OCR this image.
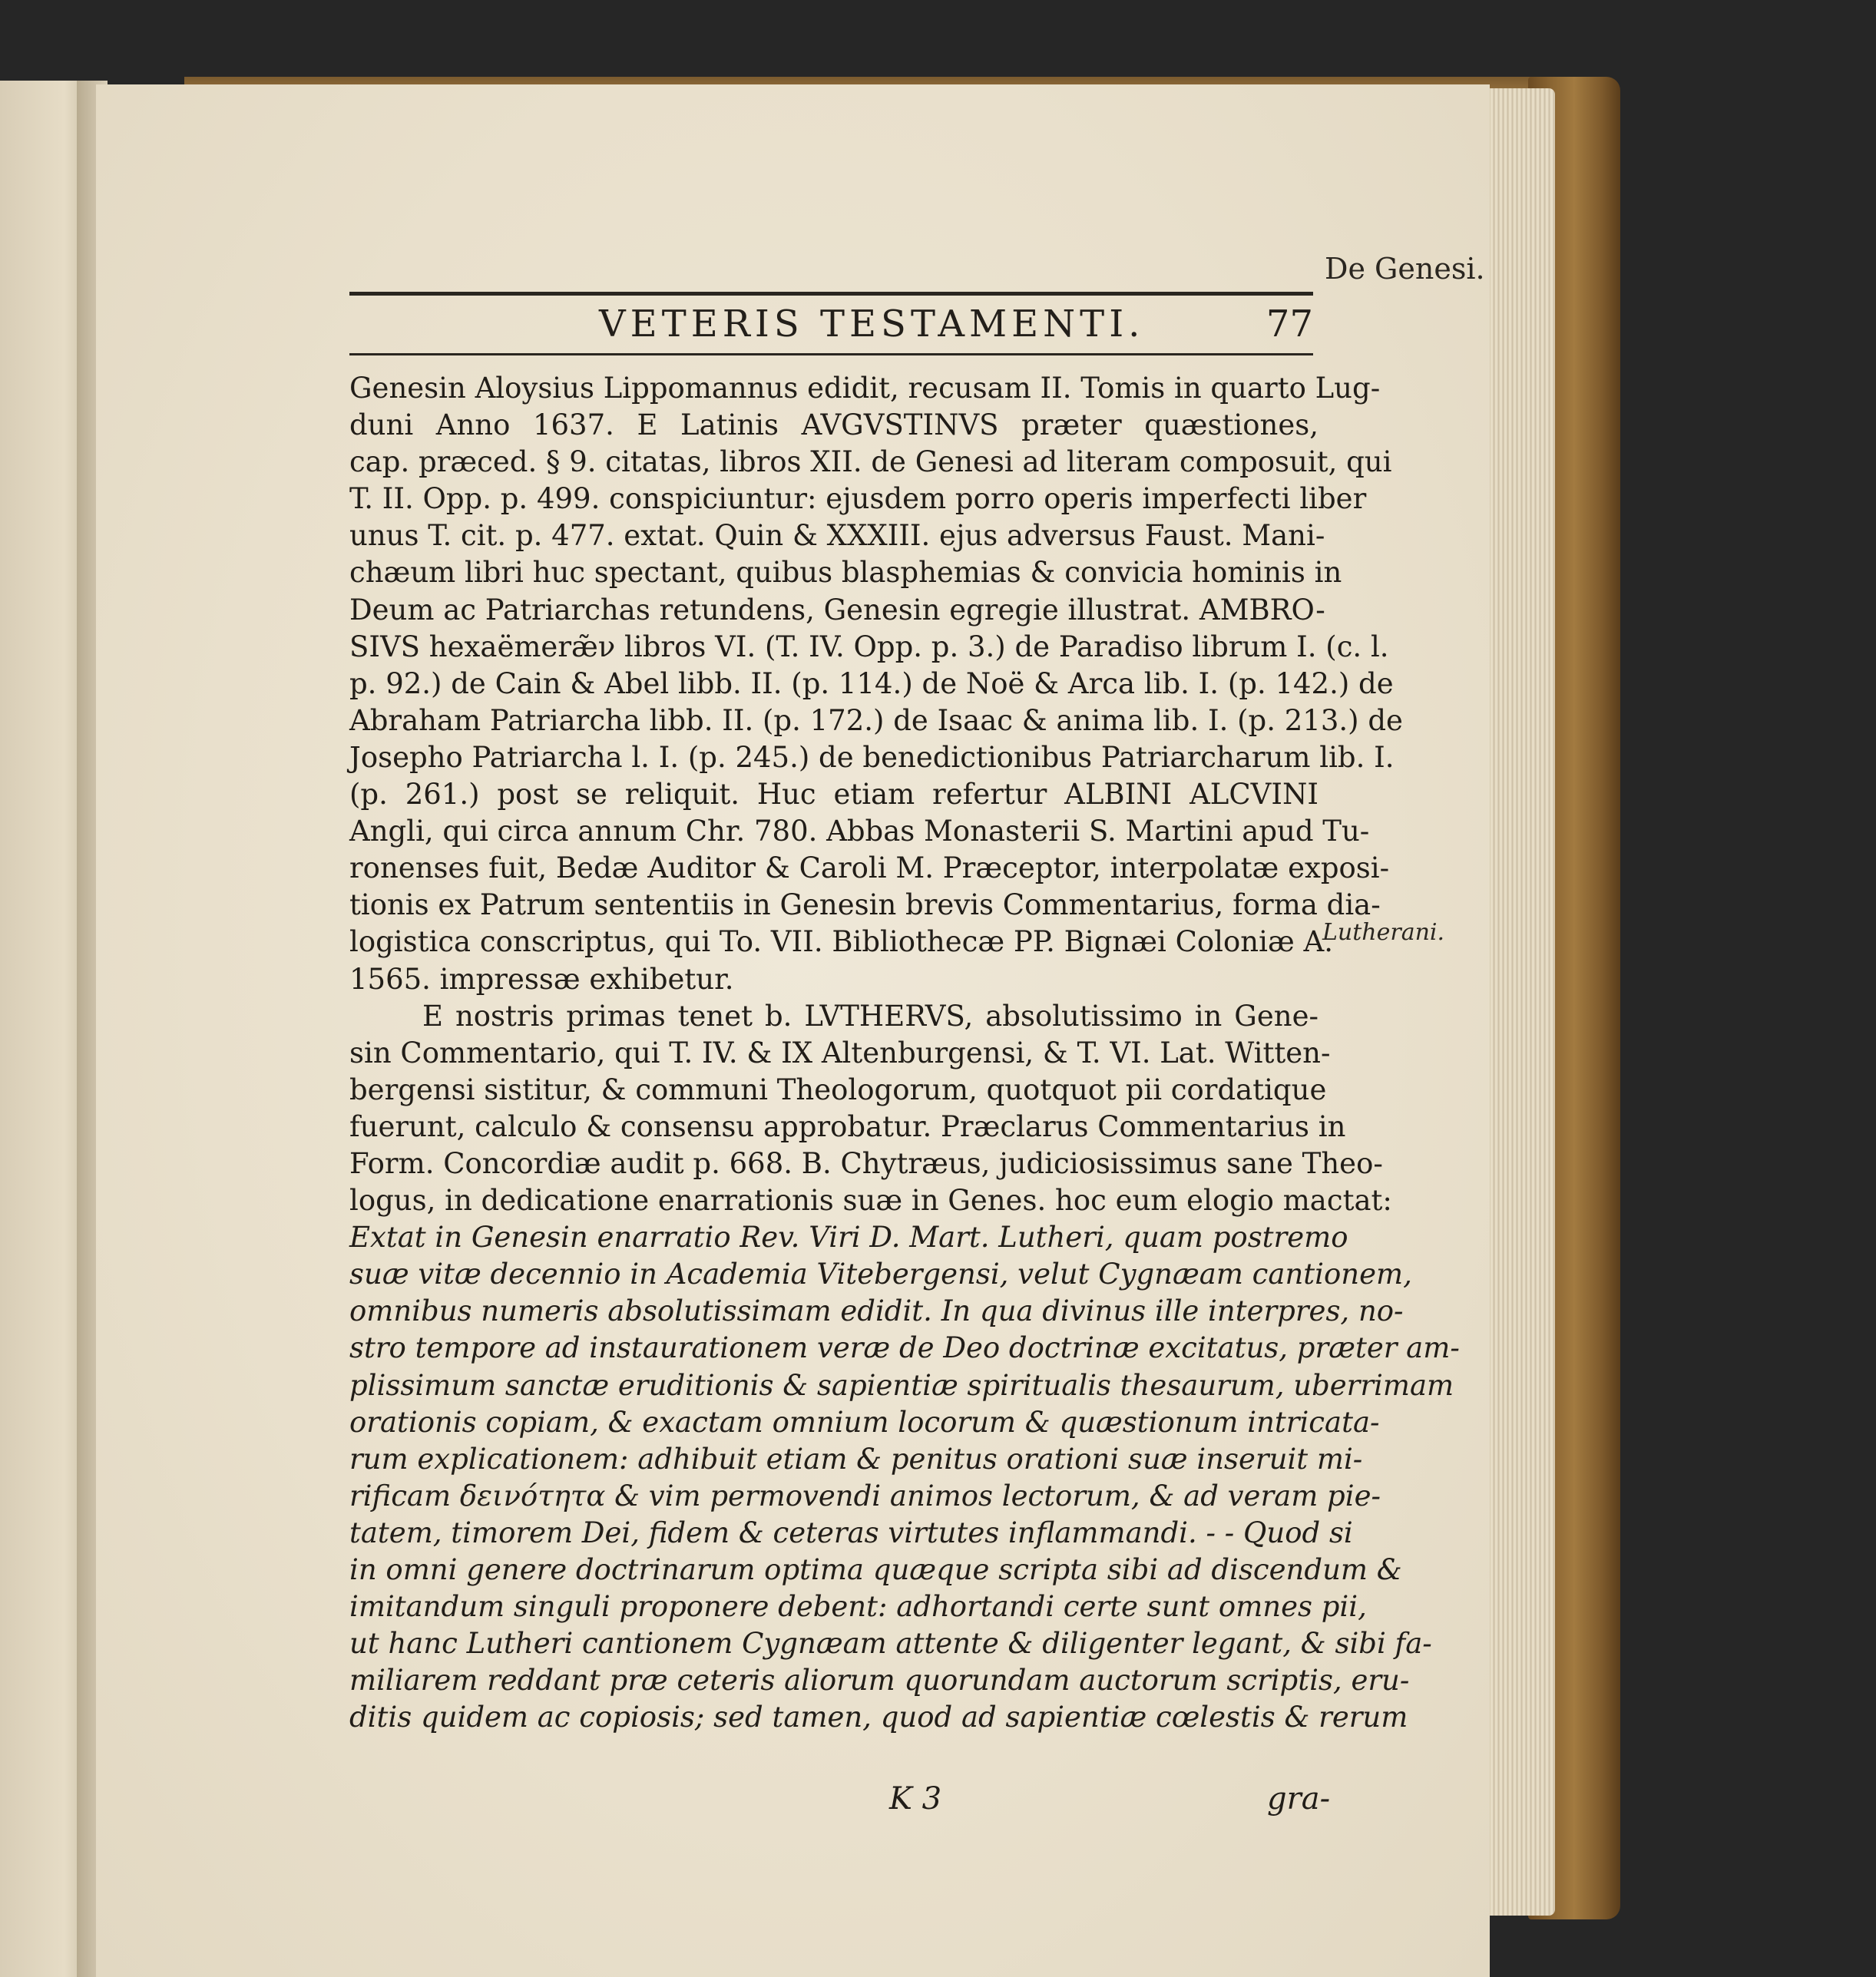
VETERIS TESTAMENTI.	77
De Genesi.
Lutherani.
Genesin Aloysius Lippomannus edidit, recusam II. Tomis in quarto Lug-
duni Anno 1637. E Latinis AVGVSTINVS præter quæstiones,
cap. præced. § 9. citatas, libros XII. de Genesi ad literam composuit, qui
T. II. Opp. p. 499. conspiciuntur: ejusdem porro operis imperfecti liber
unus T. cit. p. 477. extat. Quin & XXXIII. ejus adversus Faust. Mani-
chæum libri huc spectant, quibus blasphemias & convicia hominis in
Deum ac Patriarchas retundens, Genesin egregie illustrat. AMBRO-
SIVS hexaëmeræ̃ν libros VI. (T. IV. Opp. p. 3.) de Paradiso librum I. (c. l.
p. 92.) de Cain & Abel libb. II. (p. 114.) de Noë & Arca lib. I. (p. 142.) de
Abraham Patriarcha libb. II. (p. 172.) de Isaac & anima lib. I. (p. 213.) de
Josepho Patriarcha l. I. (p. 245.) de benedictionibus Patriarcharum lib. I.
(p. 261.) post se reliquit. Huc etiam refertur ALBINI ALCVINI
Angli, qui circa annum Chr. 780. Abbas Monasterii S. Martini apud Tu-
ronenses fuit, Bedæ Auditor & Caroli M. Præceptor, interpolatæ exposi-
tionis ex Patrum sententiis in Genesin brevis Commentarius, forma dia-
logistica conscriptus, qui To. VII. Bibliothecæ PP. Bignæi Coloniæ A.
1565. impressæ exhibetur.
E nostris primas tenet b. LVTHERVS, absolutissimo in Gene-
sin Commentario, qui T. IV. & IX Altenburgensi, & T. VI. Lat. Witten-
bergensi sistitur, & communi Theologorum, quotquot pii cordatique
fuerunt, calculo & consensu approbatur. Præclarus Commentarius in
Form. Concordiæ audit p. 668. B. Chytræus, judiciosissimus sane Theo-
logus, in dedicatione enarrationis suæ in Genes. hoc eum elogio mactat:
Extat in Genesin enarratio Rev. Viri D. Mart. Lutheri, quam postremo
suæ vitæ decennio in Academia Vitebergensi, velut Cygnæam cantionem,
omnibus numeris absolutissimam edidit. In qua divinus ille interpres, no-
stro tempore ad instaurationem veræ de Deo doctrinæ excitatus, præter am-
plissimum sanctæ eruditionis & sapientiæ spiritualis thesaurum, uberrimam
orationis copiam, & exactam omnium locorum & quæstionum intricata-
rum explicationem: adhibuit etiam & penitus orationi suæ inseruit mi-
rificam δεινότητα & vim permovendi animos lectorum, & ad veram pie-
tatem, timorem Dei, fidem & ceteras virtutes inflammandi. - - Quod si
in omni genere doctrinarum optima quæque scripta sibi ad discendum &
imitandum singuli proponere debent: adhortandi certe sunt omnes pii,
ut hanc Lutheri cantionem Cygnæam attente & diligenter legant, & sibi fa-
miliarem reddant præ ceteris aliorum quorundam auctorum scriptis, eru-
ditis quidem ac copiosis; sed tamen, quod ad sapientiæ cœlestis & rerum
K 3	gra-
